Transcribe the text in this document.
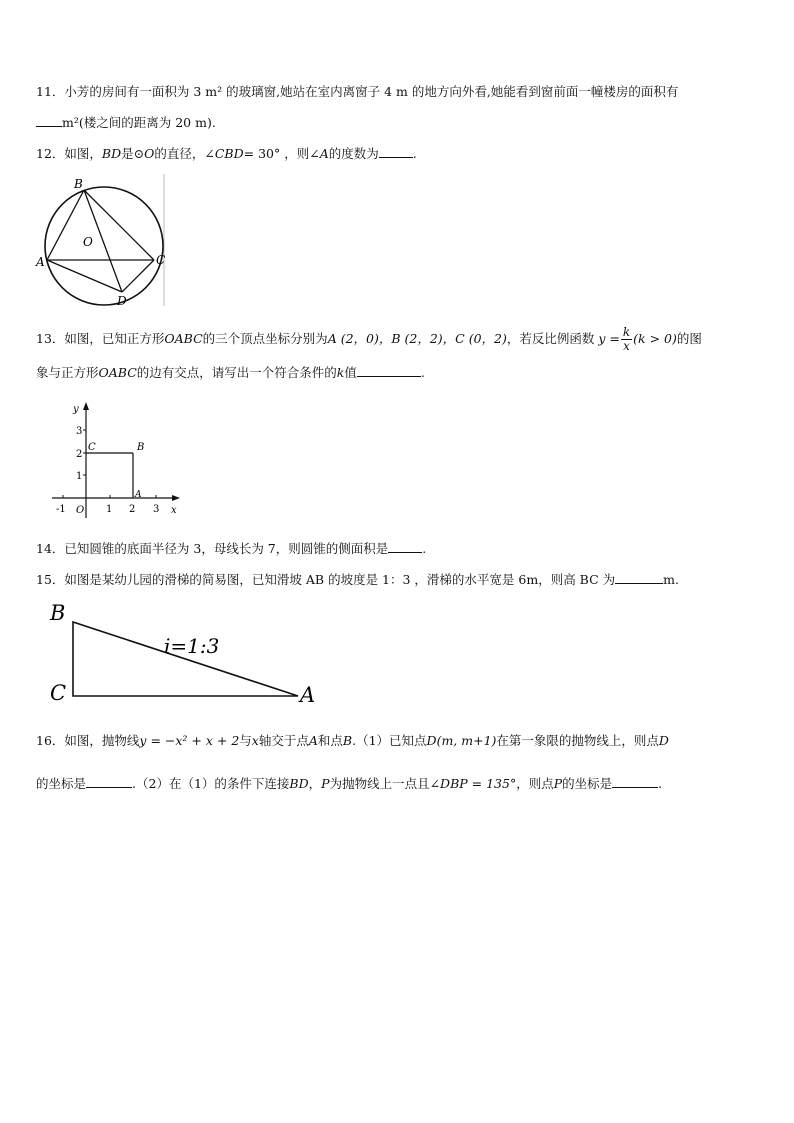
11．小芳的房间有一面积为 3 m² 的玻璃窗,她站在室内离窗子 4 m 的地方向外看,她能看到窗前面一幢楼房的面积有
m²(楼之间的距离为 20 m).
12．如图，BD是⊙O的直径，∠CBD= 30° ，则∠A的度数为	.
B
O
A	C
D
13．如图，已知正方形OABC的三个顶点坐标分别为A (2，0)，B (2，2)，C (0，2)，若反比例函数 $y = \frac{k}{x} (k > 0)$的图
象与正方形OABC的边有交点，请写出一个符合条件的k值	.
y
x
3
2
1
-1 O 1 2 3
C	B
A
14．已知圆锥的底面半径为 3，母线长为 7，则圆锥的侧面积是	.
15．如图是某幼儿园的滑梯的简易图，已知滑坡 AB 的坡度是 1：3 ，滑梯的水平宽是 6m，则高 BC 为	m.
B
C	A
i=1:3
16．如图，抛物线y = −x² + x + 2与x轴交于点A和点B.（1）已知点D(m, m+1)在第一象限的抛物线上，则点D
的坐标是	.（2）在（1）的条件下连接BD，P为抛物线上一点且∠DBP = 135°，则点P的坐标是	.
